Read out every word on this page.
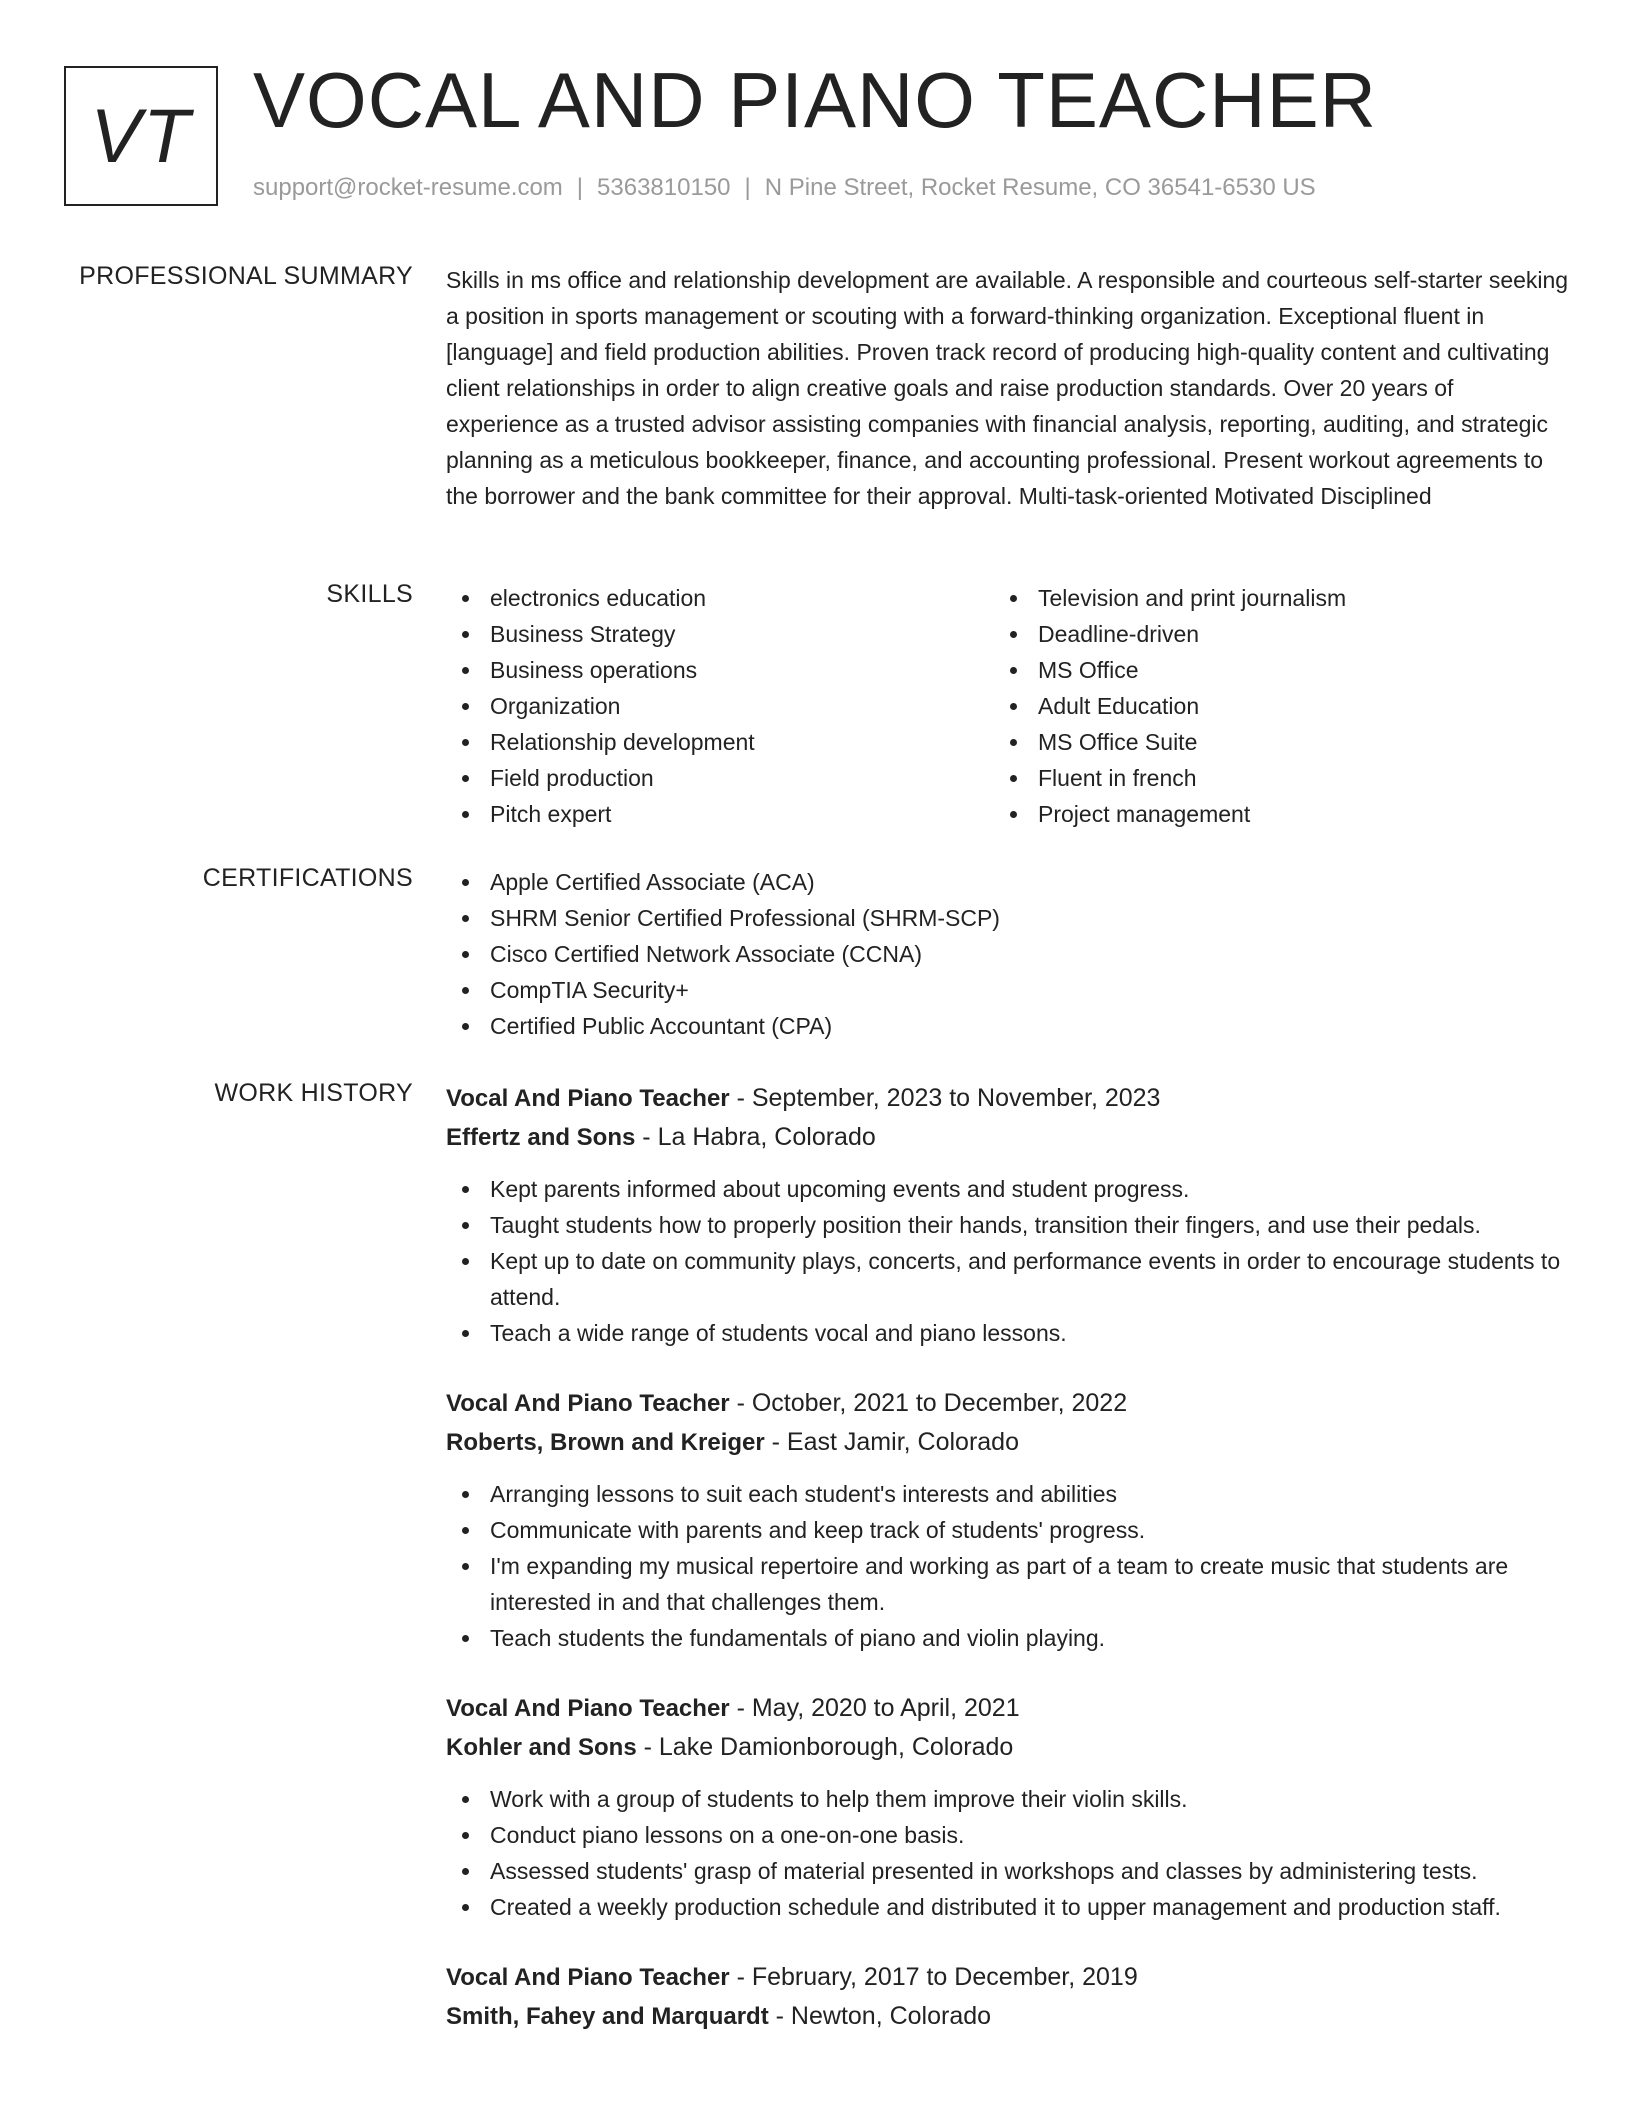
VT VOCAL AND PIANO TEACHER
support@rocket-resume.com | 5363810150 | N Pine Street, Rocket Resume, CO 36541-6530 US
PROFESSIONAL SUMMARY Skills in ms office and relationship development are available. A responsible and courteous self-starter seeking a position in sports management or scouting with a forward-thinking organization. Exceptional fluent in [language] and field production abilities. Proven track record of producing high-quality content and cultivating client relationships in order to align creative goals and raise production standards. Over 20 years of experience as a trusted advisor assisting companies with financial analysis, reporting, auditing, and strategic planning as a meticulous bookkeeper, finance, and accounting professional. Present workout agreements to the borrower and the bank committee for their approval. Multi-task-oriented Motivated Disciplined

SKILLS	electronics education
Business Strategy
Business operations
Organization
Relationship development
Field production
Pitch expert
Television and print journalism
Deadline-driven
MS Office
Adult Education
MS Office Suite
Fluent in french
Project management
CERTIFICATIONS	Apple Certified Associate (ACA)
SHRM Senior Certified Professional (SHRM-SCP)
Cisco Certified Network Associate (CCNA)
CompTIA Security+
Certified Public Accountant (CPA)
WORK HISTORY Vocal And Piano Teacher - September, 2023 to November, 2023
Effertz and Sons - La Habra, Colorado
Kept parents informed about upcoming events and student progress.
Taught students how to properly position their hands, transition their fingers, and use their pedals.
Kept up to date on community plays, concerts, and performance events in order to encourage students to attend.
Teach a wide range of students vocal and piano lessons.
Vocal And Piano Teacher - October, 2021 to December, 2022
Roberts, Brown and Kreiger - East Jamir, Colorado
Arranging lessons to suit each student's interests and abilities
Communicate with parents and keep track of students' progress.
I'm expanding my musical repertoire and working as part of a team to create music that students are interested in and that challenges them.
Teach students the fundamentals of piano and violin playing.
Vocal And Piano Teacher - May, 2020 to April, 2021
Kohler and Sons - Lake Damionborough, Colorado
Work with a group of students to help them improve their violin skills.
Conduct piano lessons on a one-on-one basis.
Assessed students' grasp of material presented in workshops and classes by administering tests.
Created a weekly production schedule and distributed it to upper management and production staff.
Vocal And Piano Teacher - February, 2017 to December, 2019
Smith, Fahey and Marquardt - Newton, Colorado
